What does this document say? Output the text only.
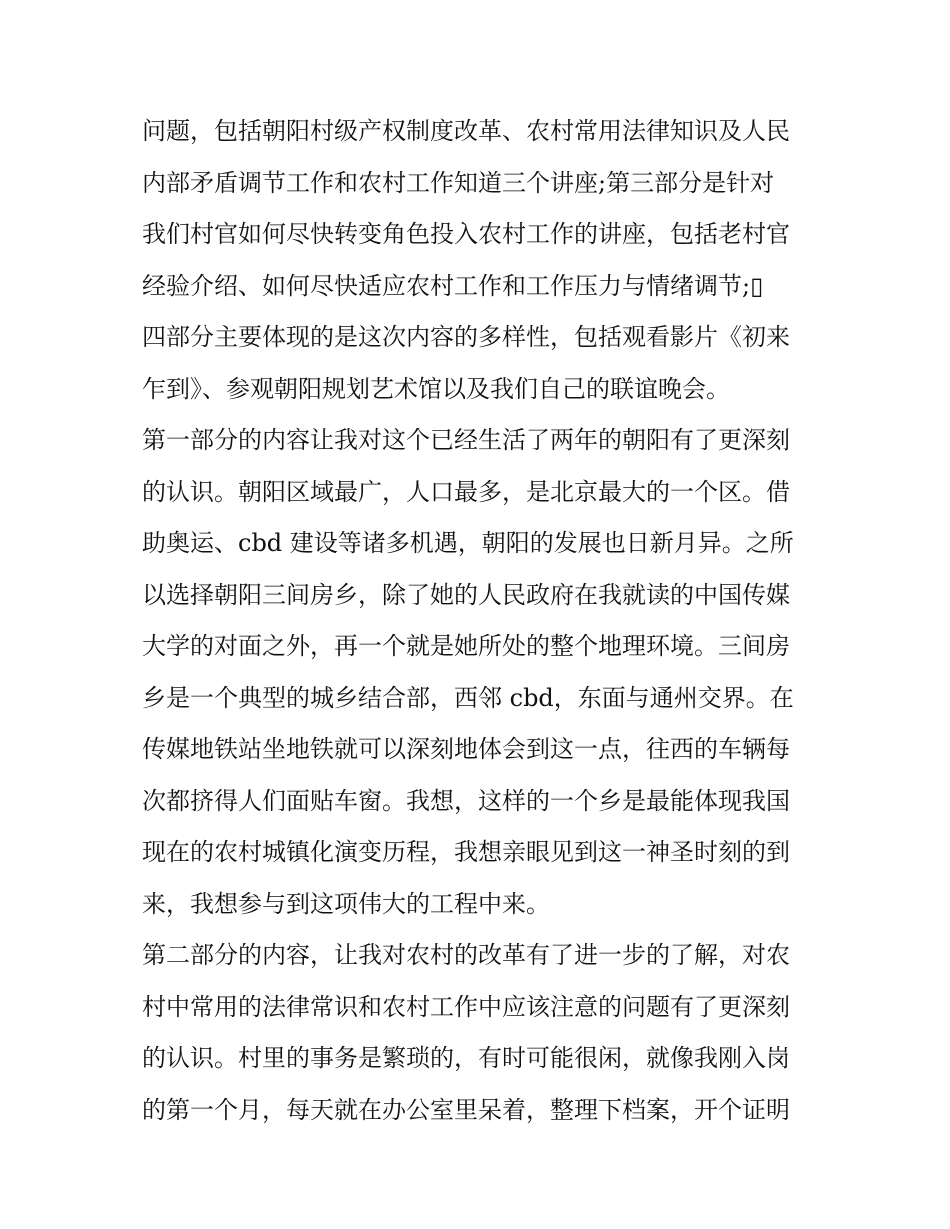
问题，包括朝阳村级产权制度改革、农村常用法律知识及人民
内部矛盾调节工作和农村工作知道三个讲座;第三部分是针对
我们村官如何尽快转变角色投入农村工作的讲座，包括老村官
经验介绍、如何尽快适应农村工作和工作压力与情绪调节;▯
四部分主要体现的是这次内容的多样性，包括观看影片《初来
乍到》、参观朝阳规划艺术馆以及我们自己的联谊晚会。
第一部分的内容让我对这个已经生活了两年的朝阳有了更深刻
的认识。朝阳区域最广，人口最多，是北京最大的一个区。借
助奥运、cbd 建设等诸多机遇，朝阳的发展也日新月异。之所
以选择朝阳三间房乡，除了她的人民政府在我就读的中国传媒
大学的对面之外，再一个就是她所处的整个地理环境。三间房
乡是一个典型的城乡结合部，西邻 cbd，东面与通州交界。在
传媒地铁站坐地铁就可以深刻地体会到这一点，往西的车辆每
次都挤得人们面贴车窗。我想，这样的一个乡是最能体现我国
现在的农村城镇化演变历程，我想亲眼见到这一神圣时刻的到
来，我想参与到这项伟大的工程中来。
第二部分的内容，让我对农村的改革有了进一步的了解，对农
村中常用的法律常识和农村工作中应该注意的问题有了更深刻
的认识。村里的事务是繁琐的，有时可能很闲，就像我刚入岗
的第一个月，每天就在办公室里呆着，整理下档案，开个证明
